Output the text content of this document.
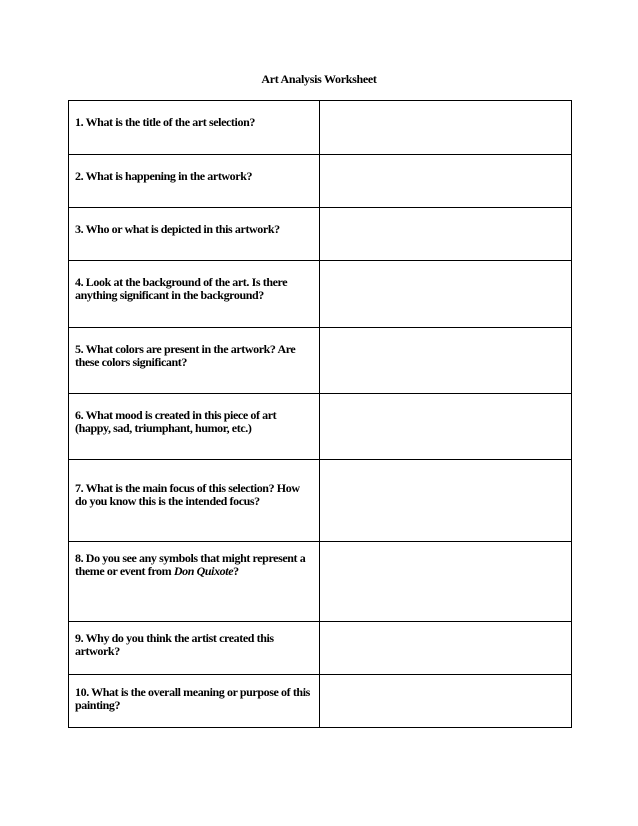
Art Analysis Worksheet
1. What is the title of the art selection?	

2. What is happening in the artwork?	

3. Who or what is depicted in this artwork?	

4. Look at the background of the art. Is there anything significant in the background?	

5. What colors are present in the artwork? Are these colors significant?	

6. What mood is created in this piece of art (happy, sad, triumphant, humor, etc.)	

7. What is the main focus of this selection? How do you know this is the intended focus?	

8. Do you see any symbols that might represent a theme or event from Don Quixote?	

9. Why do you think the artist created this artwork?	

10. What is the overall meaning or purpose of this painting?	
